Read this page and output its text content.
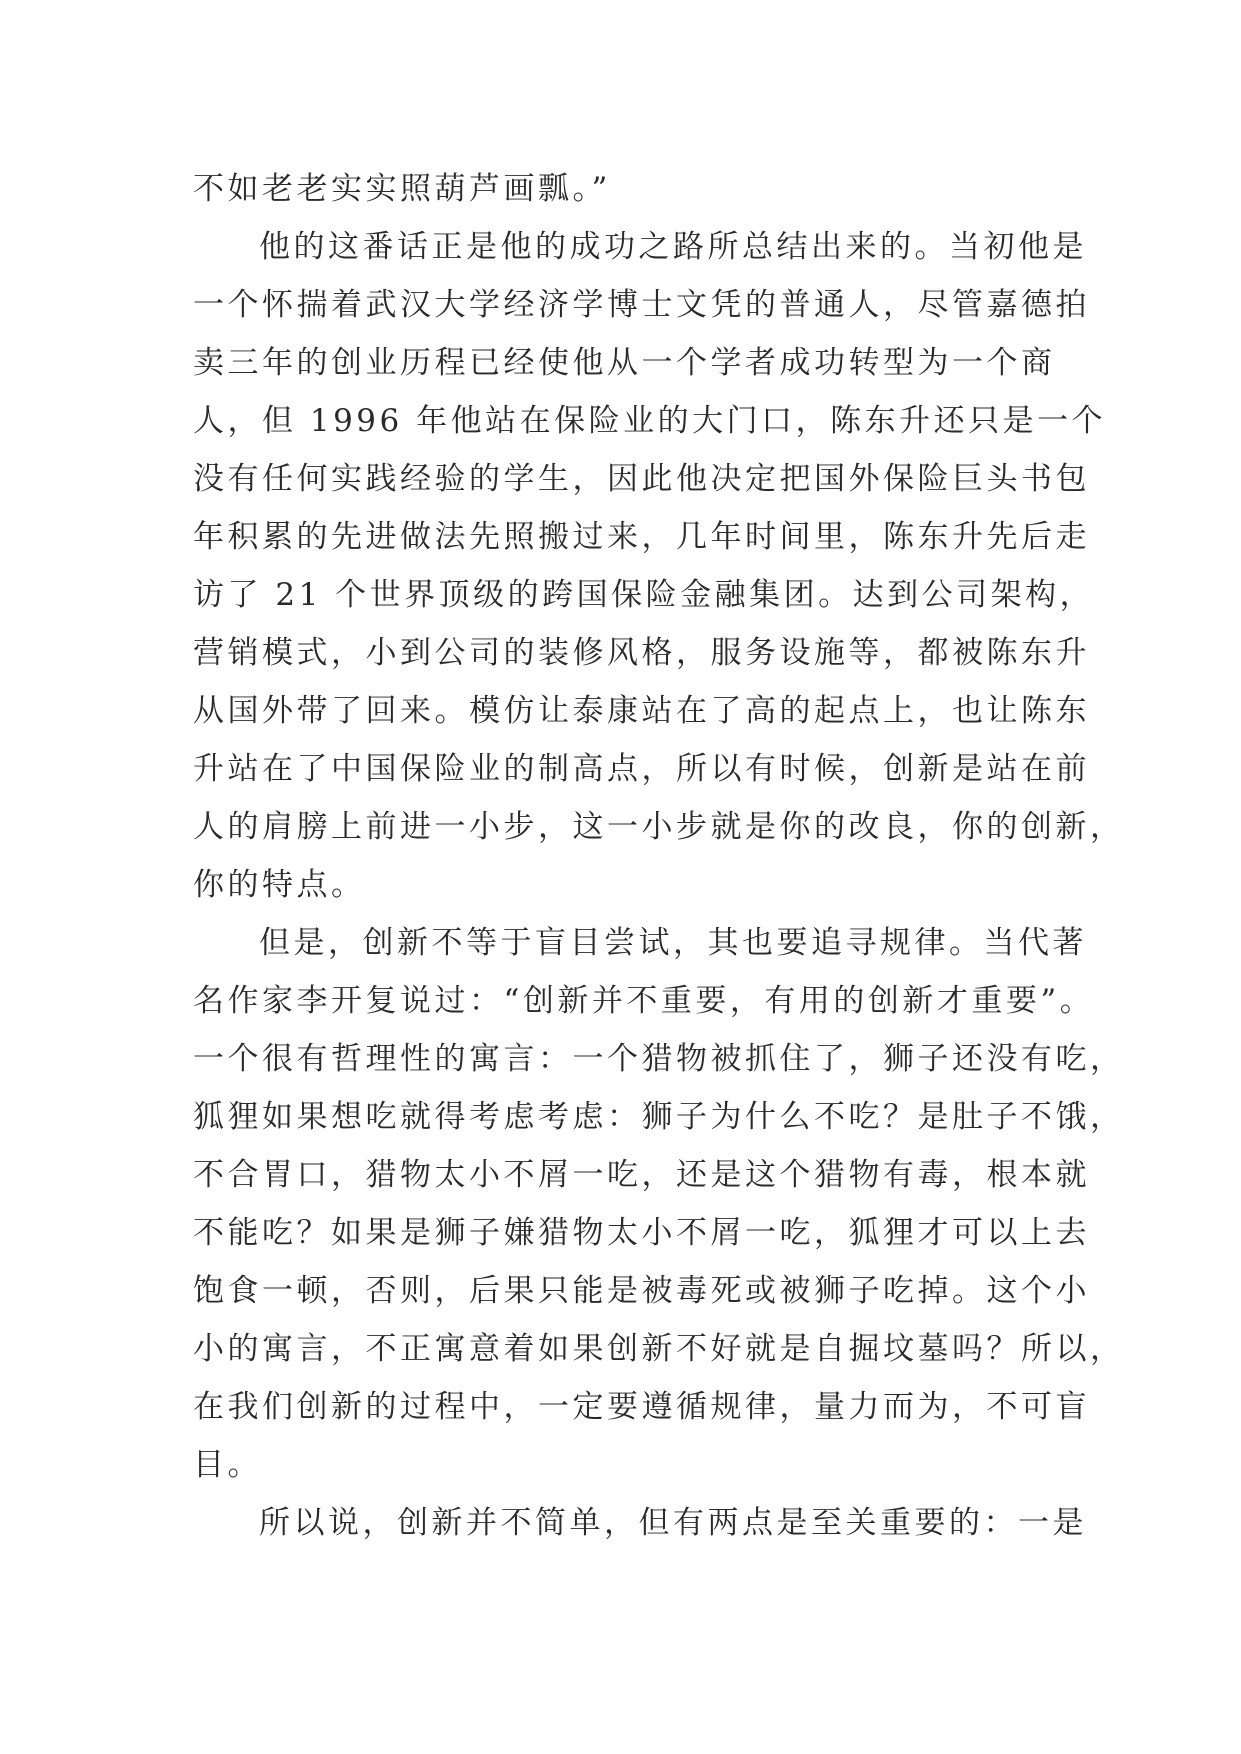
不如老老实实照葫芦画瓢。”
他的这番话正是他的成功之路所总结出来的。当初他是
一个怀揣着武汉大学经济学博士文凭的普通人，尽管嘉德拍
卖三年的创业历程已经使他从一个学者成功转型为一个商
人，但 1996 年他站在保险业的大门口，陈东升还只是一个
没有任何实践经验的学生，因此他决定把国外保险巨头书包
年积累的先进做法先照搬过来，几年时间里，陈东升先后走
访了 21 个世界顶级的跨国保险金融集团。达到公司架构，
营销模式，小到公司的装修风格，服务设施等，都被陈东升
从国外带了回来。模仿让泰康站在了高的起点上，也让陈东
升站在了中国保险业的制高点，所以有时候，创新是站在前
人的肩膀上前进一小步，这一小步就是你的改良，你的创新，
你的特点。
但是，创新不等于盲目尝试，其也要追寻规律。当代著
名作家李开复说过：“创新并不重要，有用的创新才重要”。
一个很有哲理性的寓言：一个猎物被抓住了，狮子还没有吃，
狐狸如果想吃就得考虑考虑：狮子为什么不吃？是肚子不饿，
不合胃口，猎物太小不屑一吃，还是这个猎物有毒，根本就
不能吃？如果是狮子嫌猎物太小不屑一吃，狐狸才可以上去
饱食一顿，否则，后果只能是被毒死或被狮子吃掉。这个小
小的寓言，不正寓意着如果创新不好就是自掘坟墓吗？所以，
在我们创新的过程中，一定要遵循规律，量力而为，不可盲
目。
所以说，创新并不简单，但有两点是至关重要的：一是
